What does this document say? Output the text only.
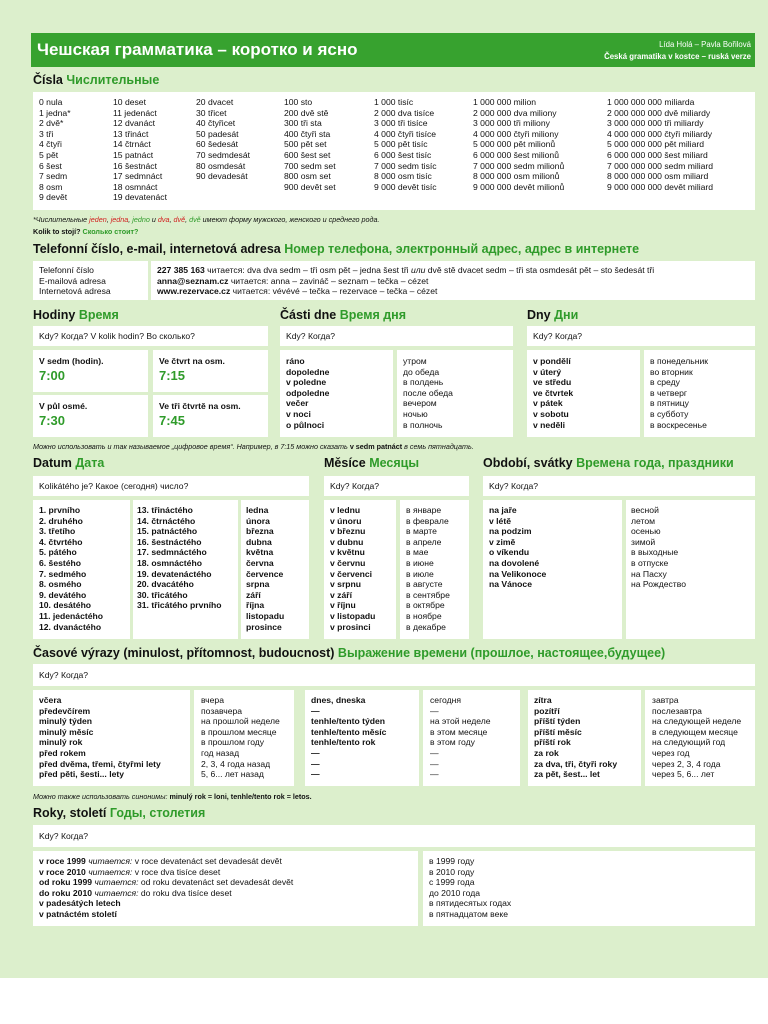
Чешская грамматика – коротко и ясно	Lída Holá – Pavla Bořilová
Česká gramatika v kostce – ruská verze
Čísla Числительные
0 nula
1 jedna*
2 dvě*
3 tři
4 čtyři
5 pět
6 šest
7 sedm
8 osm
9 devět
10 deset
11 jedenáct
12 dvanáct
13 třináct
14 čtrnáct
15 patnáct
16 šestnáct
17 sedmnáct
18 osmnáct
19 devatenáct
20 dvacet
30 třicet
40 čtyřicet
50 padesát
60 šedesát
70 sedmdesát
80 osmdesát
90 devadesát
100 sto
200 dvě stě
300 tři sta
400 čtyři sta
500 pět set
600 šest set
700 sedm set
800 osm set
900 devět set
1 000 tisíc
2 000 dva tisíce
3 000 tři tisíce
4 000 čtyři tisíce
5 000 pět tisíc
6 000 šest tisíc
7 000 sedm tisíc
8 000 osm tisíc
9 000 devět tisíc
1 000 000 milion
2 000 000 dva miliony
3 000 000 tři miliony
4 000 000 čtyři miliony
5 000 000 pět milionů
6 000 000 šest milionů
7 000 000 sedm milionů
8 000 000 osm milionů
9 000 000 devět milionů
1 000 000 000 miliarda
2 000 000 000 dvě miliardy
3 000 000 000 tři miliardy
4 000 000 000 čtyři miliardy
5 000 000 000 pět miliard
6 000 000 000 šest miliard
7 000 000 000 sedm miliard
8 000 000 000 osm miliard
9 000 000 000 devět miliard
*Числительные jeden, jedna, jedno и dva, dvě, dvě имеют форму мужского, женского и среднего рода.
Kolik to stojí? Сколько стоит?
Telefonní číslo, e-mail, internetová adresa Номер телефона, электронный адрес, адрес в интернете
Telefonní číslo
E-mailová adresa
Internetová adresa
227 385 163 читается: dva dva sedm – tři osm pět – jedna šest tři или dvě stě dvacet sedm – tři sta osmdesát pět – sto šedesát tři
anna@seznam.cz читается: anna – zavináč – seznam – tečka – cézet
www.rezervace.cz читается: vévévé – tečka – rezervace – tečka – cézet
Hodiny Время
Kdy? Когда? V kolik hodin? Во сколько?
V sedm (hodin).
7:00
Ve čtvrt na osm.
7:15
V půl osmé.
7:30
Ve tři čtvrtě na osm.
7:45
Části dne Время дня
Kdy? Когда?
ráno
dopoledne
v poledne
odpoledne
večer
v noci
o půlnoci
утром
до обеда
в полдень
после обеда
вечером
ночью
в полночь
Dny Дни
Kdy? Когда?
v pondělí
v úterý
ve středu
ve čtvrtek
v pátek
v sobotu
v neděli
в понедельник
во вторник
в среду
в четверг
в пятницу
в субботу
в воскресенье
Можно использовать и так называемое „цифровое время“. Например, в 7:15 можно сказать v sedm patnáct в семь пятнадцать.
Datum Дата
Kolikátého je? Какое (сегодня) число?
1. prvního
2. druhého
3. třetího
4. čtvrtého
5. pátého
6. šestého
7. sedmého
8. osmého
9. devátého
10. desátého
11. jedenáctého
12. dvanáctého
13. třináctého
14. čtrnáctého
15. patnáctého
16. šestnáctého
17. sedmnáctého
18. osmnáctého
19. devatenáctého
20. dvacátého
30. třicátého
31. třicátého prvního
ledna
února
března
dubna
května
června
července
srpna
září
října
listopadu
prosince
Měsíce Месяцы
Kdy? Когда?
v lednu
v únoru
v březnu
v dubnu
v květnu
v červnu
v červenci
v srpnu
v září
v říjnu
v listopadu
v prosinci
в январе
в феврале
в марте
в апреле
в мае
в июне
в июле
в августе
в сентябре
в октябре
в ноябре
в декабре
Období, svátky Времена года, праздники
Kdy? Когда?
na jaře
v létě
na podzim
v zimě
o víkendu
na dovolené
na Velikonoce
na Vánoce
весной
летом
осенью
зимой
в выходные
в отпуске
на Пасху
на Рождество
Časové výrazy (minulost, přítomnost, budoucnost) Выражение времени (прошлое, настоящее,будущее)
Kdy? Когда?
včera
předevčírem
minulý týden
minulý měsíc
minulý rok
před rokem
před dvěma, třemi, čtyřmi lety
před pěti, šesti... lety
вчера
позавчера
на прошлой неделе
в прошлом месяце
в прошлом году
год назад
2, 3, 4 года назад
5, 6... лет назад
dnes, dneska
—
tenhle/tento týden
tenhle/tento měsíc
tenhle/tento rok
—
—
—
сегодня
—
на этой неделе
в этом месяце
в этом году
—
—
—
zítra
pozítří
příští týden
příští měsíc
příští rok
za rok
za dva, tři, čtyři roky
za pět, šest... let
завтра
послезавтра
на следующей неделе
в следующем месяце
на следующий год
через год
через 2, 3, 4 года
через 5, 6... лет
Можно также использовать синонимы: minulý rok = loni, tenhle/tento rok = letos.
Roky, století Годы, столетия
Kdy? Когда?
v roce 1999 читается: v roce devatenáct set devadesát devět
v roce 2010 читается: v roce dva tisíce deset
od roku 1999 читается: od roku devatenáct set devadesát devět
do roku 2010 читается: do roku dva tisíce deset
v padesátých letech
v patnáctém století
в 1999 году
в 2010 году
с 1999 года
до 2010 года
в пятидесятых годах
в пятнадцатом веке
